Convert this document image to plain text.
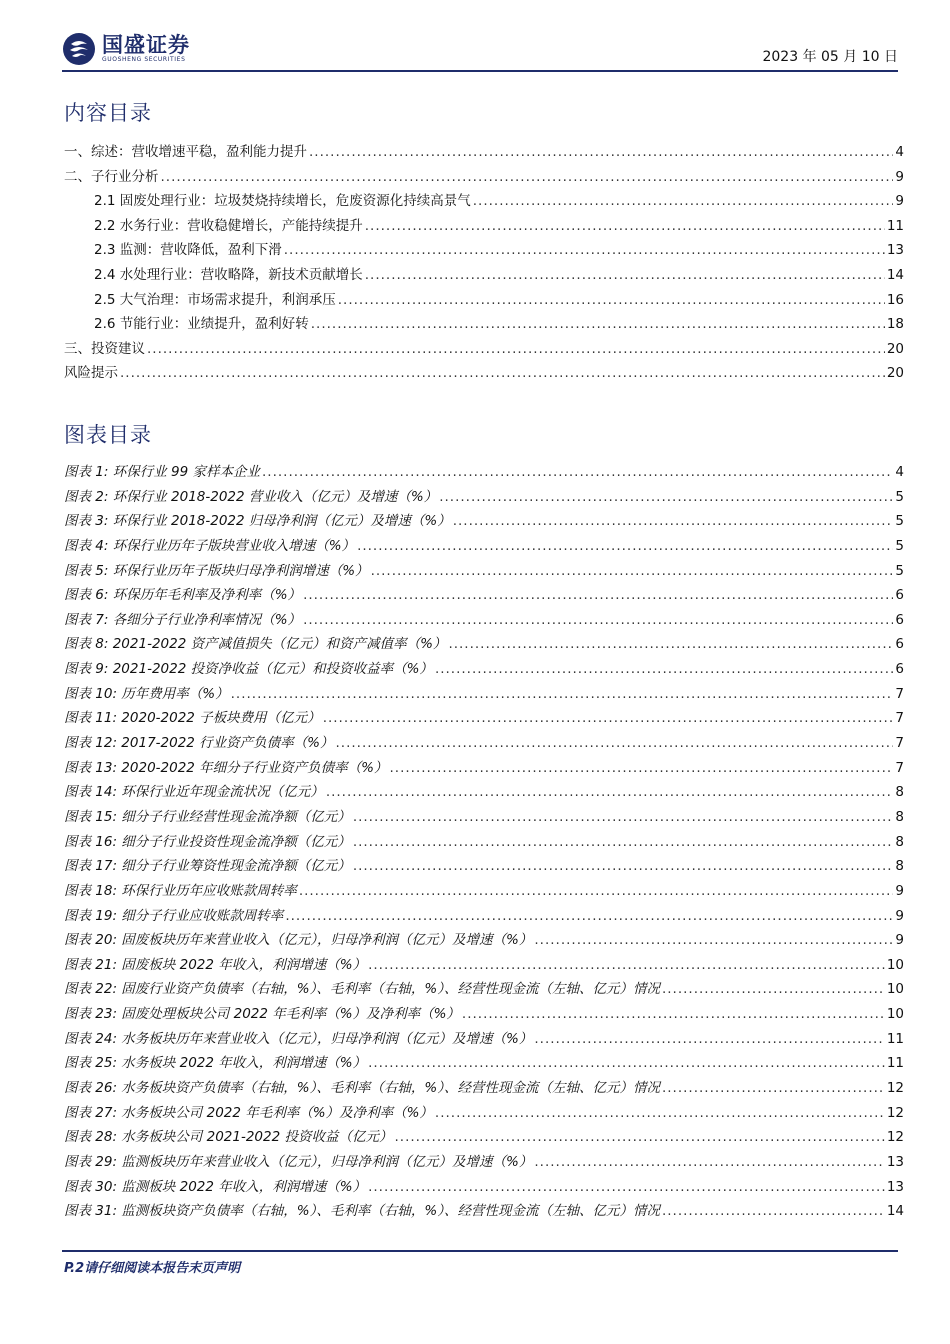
国盛证券
GUOSHENG SECURITIES	2023 年 05 月 10 日
内容目录
一、综述：营收增速平稳，盈利能力提升 .....	4
二、子行业分析 .....	9
2.1 固废处理行业：垃圾焚烧持续增长，危废资源化持续高景气 .....	9
2.2 水务行业：营收稳健增长，产能持续提升 .....	11
2.3 监测：营收降低，盈利下滑 .....	13
2.4 水处理行业：营收略降，新技术贡献增长 .....	14
2.5 大气治理：市场需求提升，利润承压 .....	16
2.6 节能行业：业绩提升，盈利好转 .....	18
三、投资建议 .....	20
风险提示 .....	20
图表目录
图表 1: 环保行业 99 家样本企业 .....	4
图表 2: 环保行业 2018-2022 营业收入（亿元）及增速（%） .....	5
图表 3: 环保行业 2018-2022 归母净利润（亿元）及增速（%） .....	5
图表 4: 环保行业历年子版块营业收入增速（%） .....	5
图表 5: 环保行业历年子版块归母净利润增速（%） .....	5
图表 6: 环保历年毛利率及净利率（%） .....	6
图表 7: 各细分子行业净利率情况（%） .....	6
图表 8: 2021-2022 资产减值损失（亿元）和资产减值率（%） .....	6
图表 9: 2021-2022 投资净收益（亿元）和投资收益率（%） .....	6
图表 10: 历年费用率（%） .....	7
图表 11: 2020-2022 子板块费用（亿元） .....	7
图表 12: 2017-2022 行业资产负债率（%） .....	7
图表 13: 2020-2022 年细分子行业资产负债率（%） .....	7
图表 14: 环保行业近年现金流状况（亿元） .....	8
图表 15: 细分子行业经营性现金流净额（亿元） .....	8
图表 16: 细分子行业投资性现金流净额（亿元） .....	8
图表 17: 细分子行业筹资性现金流净额（亿元） .....	8
图表 18: 环保行业历年应收账款周转率 .....	9
图表 19: 细分子行业应收账款周转率 .....	9
图表 20: 固废板块历年来营业收入（亿元），归母净利润（亿元）及增速（%） .....	9
图表 21: 固废板块 2022 年收入，利润增速（%） .....	10
图表 22: 固废行业资产负债率（右轴，%）、毛利率（右轴，%）、经营性现金流（左轴、亿元）情况 .....	10
图表 23: 固废处理板块公司 2022 年毛利率（%）及净利率（%） .....	10
图表 24: 水务板块历年来营业收入（亿元），归母净利润（亿元）及增速（%） .....	11
图表 25: 水务板块 2022 年收入，利润增速（%） .....	11
图表 26: 水务板块资产负债率（右轴，%）、毛利率（右轴，%）、经营性现金流（左轴、亿元）情况 .....	12
图表 27: 水务板块公司 2022 年毛利率（%）及净利率（%） .....	12
图表 28: 水务板块公司 2021-2022 投资收益（亿元） .....	12
图表 29: 监测板块历年来营业收入（亿元），归母净利润（亿元）及增速（%） .....	13
图表 30: 监测板块 2022 年收入，利润增速（%） .....	13
图表 31: 监测板块资产负债率（右轴，%）、毛利率（右轴，%）、经营性现金流（左轴、亿元）情况 .....	14
P.2请仔细阅读本报告末页声明
